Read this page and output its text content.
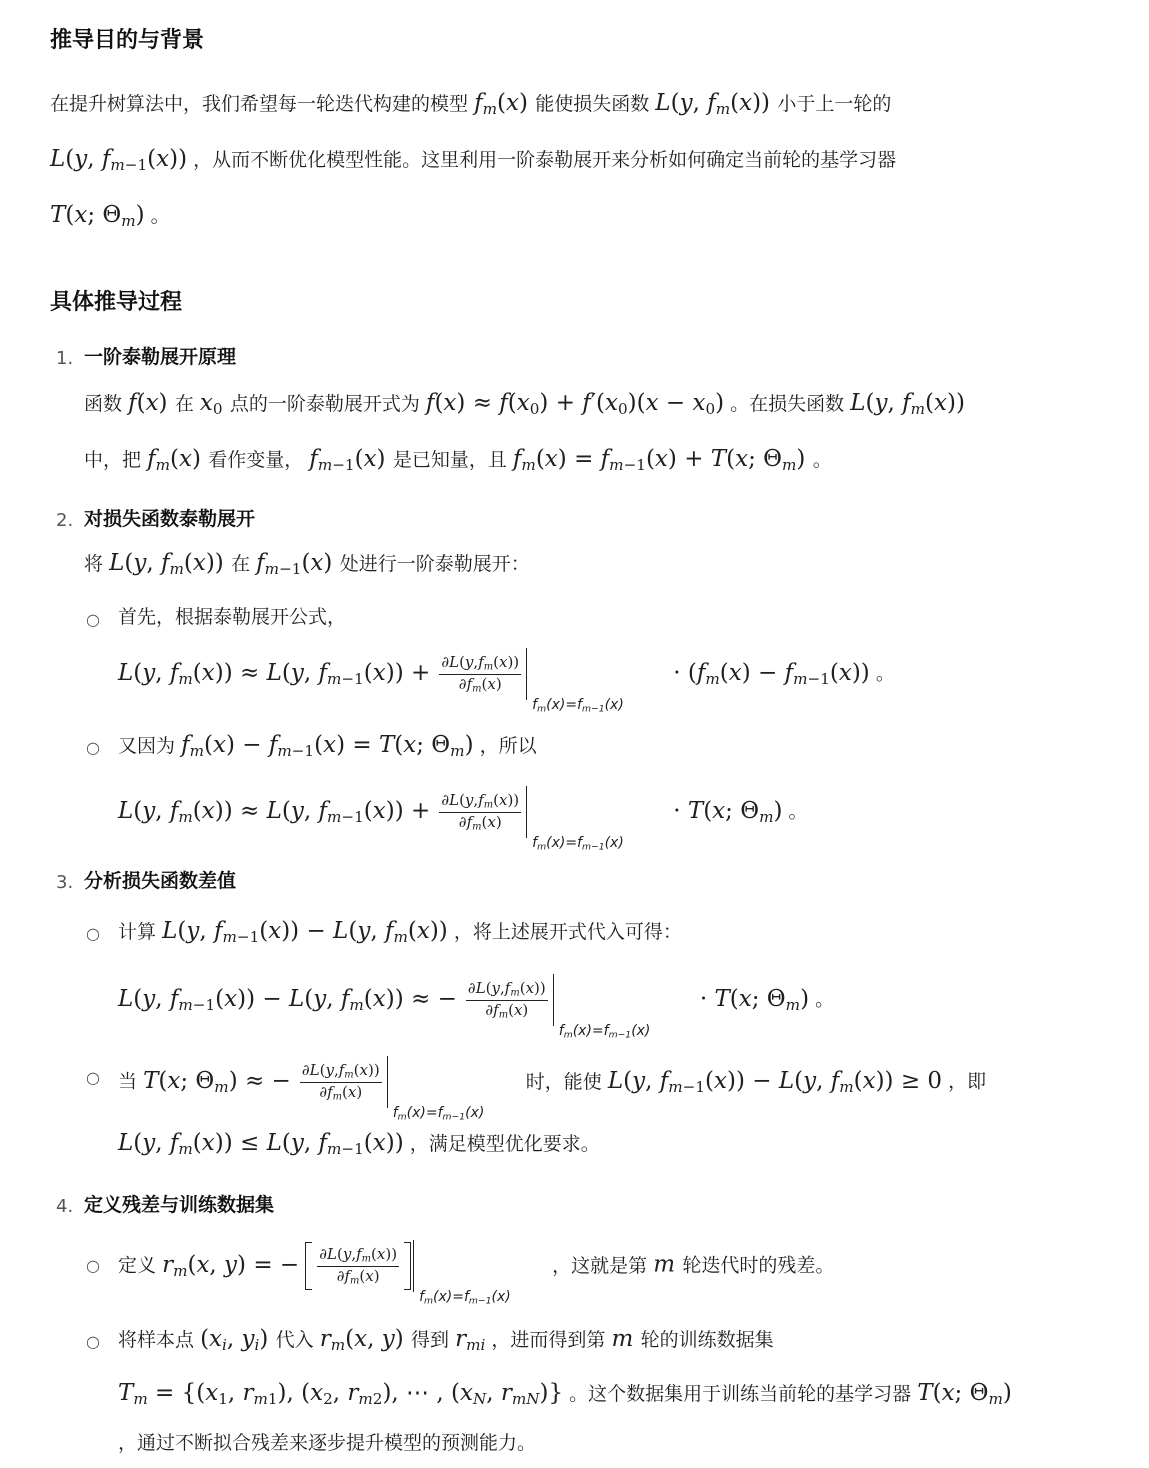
推导目的与背景
在提升树算法中，我们希望每一轮迭代构建的模型 fm(x) 能使损失函数 L(y, fm(x)) 小于上一轮的
L(y, fm−1(x)) ，从而不断优化模型性能。这里利用一阶泰勒展开来分析如何确定当前轮的基学习器
T(x; Θm) 。
具体推导过程
1. 一阶泰勒展开原理
函数 f(x) 在 x0 点的一阶泰勒展开式为 f(x) ≈ f(x0) + f′(x0)(x − x0) 。在损失函数 L(y, fm(x))
中，把 fm(x) 看作变量， fm−1(x) 是已知量，且 fm(x) = fm−1(x) + T(x; Θm) 。
2. 对损失函数泰勒展开
将 L(y, fm(x)) 在 fm−1(x) 处进行一阶泰勒展开：
○ 首先，根据泰勒展开公式，
L(y, fm(x)) ≈ L(y, $fm-1(x)) + \frac{\partial L(y,fm(x))}{\partial fm(x)}$
fm(x)=fm−1(x)
· (fm(x) − fm−1(x)) 。
○ 又因为 fm(x) − fm−1(x) = T(x; Θm) ，所以
L(y, fm(x)) ≈ L(y, $fm-1(x)) + \frac{\partial L(y,fm(x))}{\partial fm(x)}$
fm(x)=fm−1(x)
· T(x; Θm) 。
3. 分析损失函数差值
○ 计算 L(y, fm−1(x)) − L(y, fm(x)) ，将上述展开式代入可得：
L(y, fm−1(x)) − L(y, fm(x)) ≈ − $\frac{\partial L(y,fm(x))}{\partial fm(x)}$
fm(x)=fm−1(x)
· T(x; Θm) 。
○ 当 T(x; Θm) ≈ − $\frac{\partial L(y,fm(x))}{\partial fm(x)}$
fm(x)=fm−1(x)
时，能使 L(y, fm−1(x)) − L(y, fm(x)) ≥ 0 ，即
L(y, fm(x)) ≤ L(y, fm−1(x)) ，满足模型优化要求。
4. 定义残差与训练数据集
○ 定义 rm(x, y) = − $\frac{\partial L(y,fm(x))}{\partial fm(x)}$
fm(x)=fm−1(x)
，这就是第 m 轮迭代时的残差。
○ 将样本点 (xi, yi) 代入 rm(x, y) 得到 rmi ，进而得到第 m 轮的训练数据集
Tm = {(x1, rm1), (x2, rm2), ⋯ , (xN, rmN)} 。这个数据集用于训练当前轮的基学习器 T(x; Θm)
，通过不断拟合残差来逐步提升模型的预测能力。
